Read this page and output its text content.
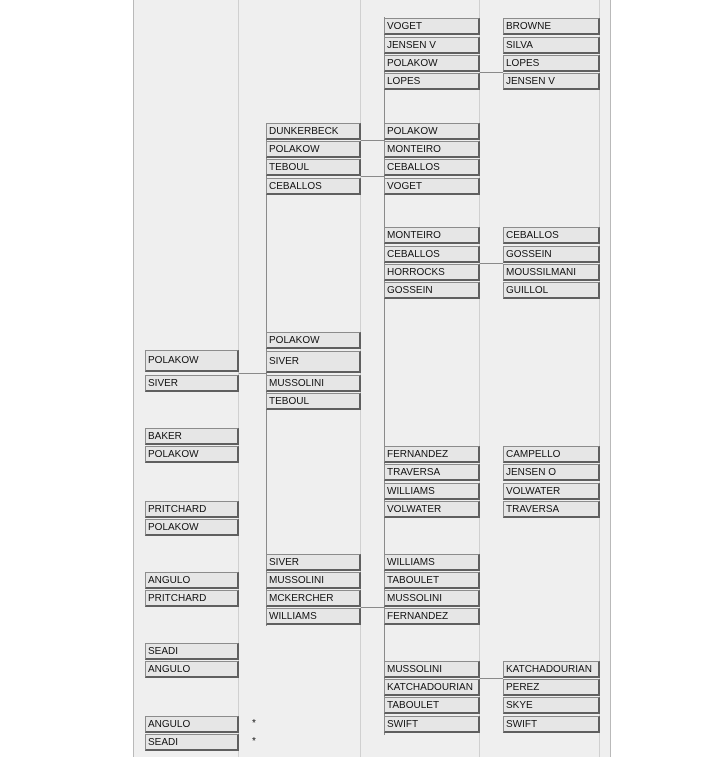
POLAKOW
SIVER
BAKER
POLAKOW
PRITCHARD
POLAKOW
ANGULO
PRITCHARD
SEADI
ANGULO
ANGULO
SEADI
*
*
DUNKERBECK
POLAKOW
TEBOUL
CEBALLOS
POLAKOW
SIVER
MUSSOLINI
TEBOUL
SIVER
MUSSOLINI
MCKERCHER
WILLIAMS
VOGET
JENSEN V
POLAKOW
LOPES
POLAKOW
MONTEIRO
CEBALLOS
VOGET
MONTEIRO
CEBALLOS
HORROCKS
GOSSEIN
FERNANDEZ
TRAVERSA
WILLIAMS
VOLWATER
WILLIAMS
TABOULET
MUSSOLINI
FERNANDEZ
MUSSOLINI
KATCHADOURIAN
TABOULET
SWIFT
BROWNE
SILVA
LOPES
JENSEN V
CEBALLOS
GOSSEIN
MOUSSILMANI
GUILLOL
CAMPELLO
JENSEN O
VOLWATER
TRAVERSA
KATCHADOURIAN
PEREZ
SKYE
SWIFT
